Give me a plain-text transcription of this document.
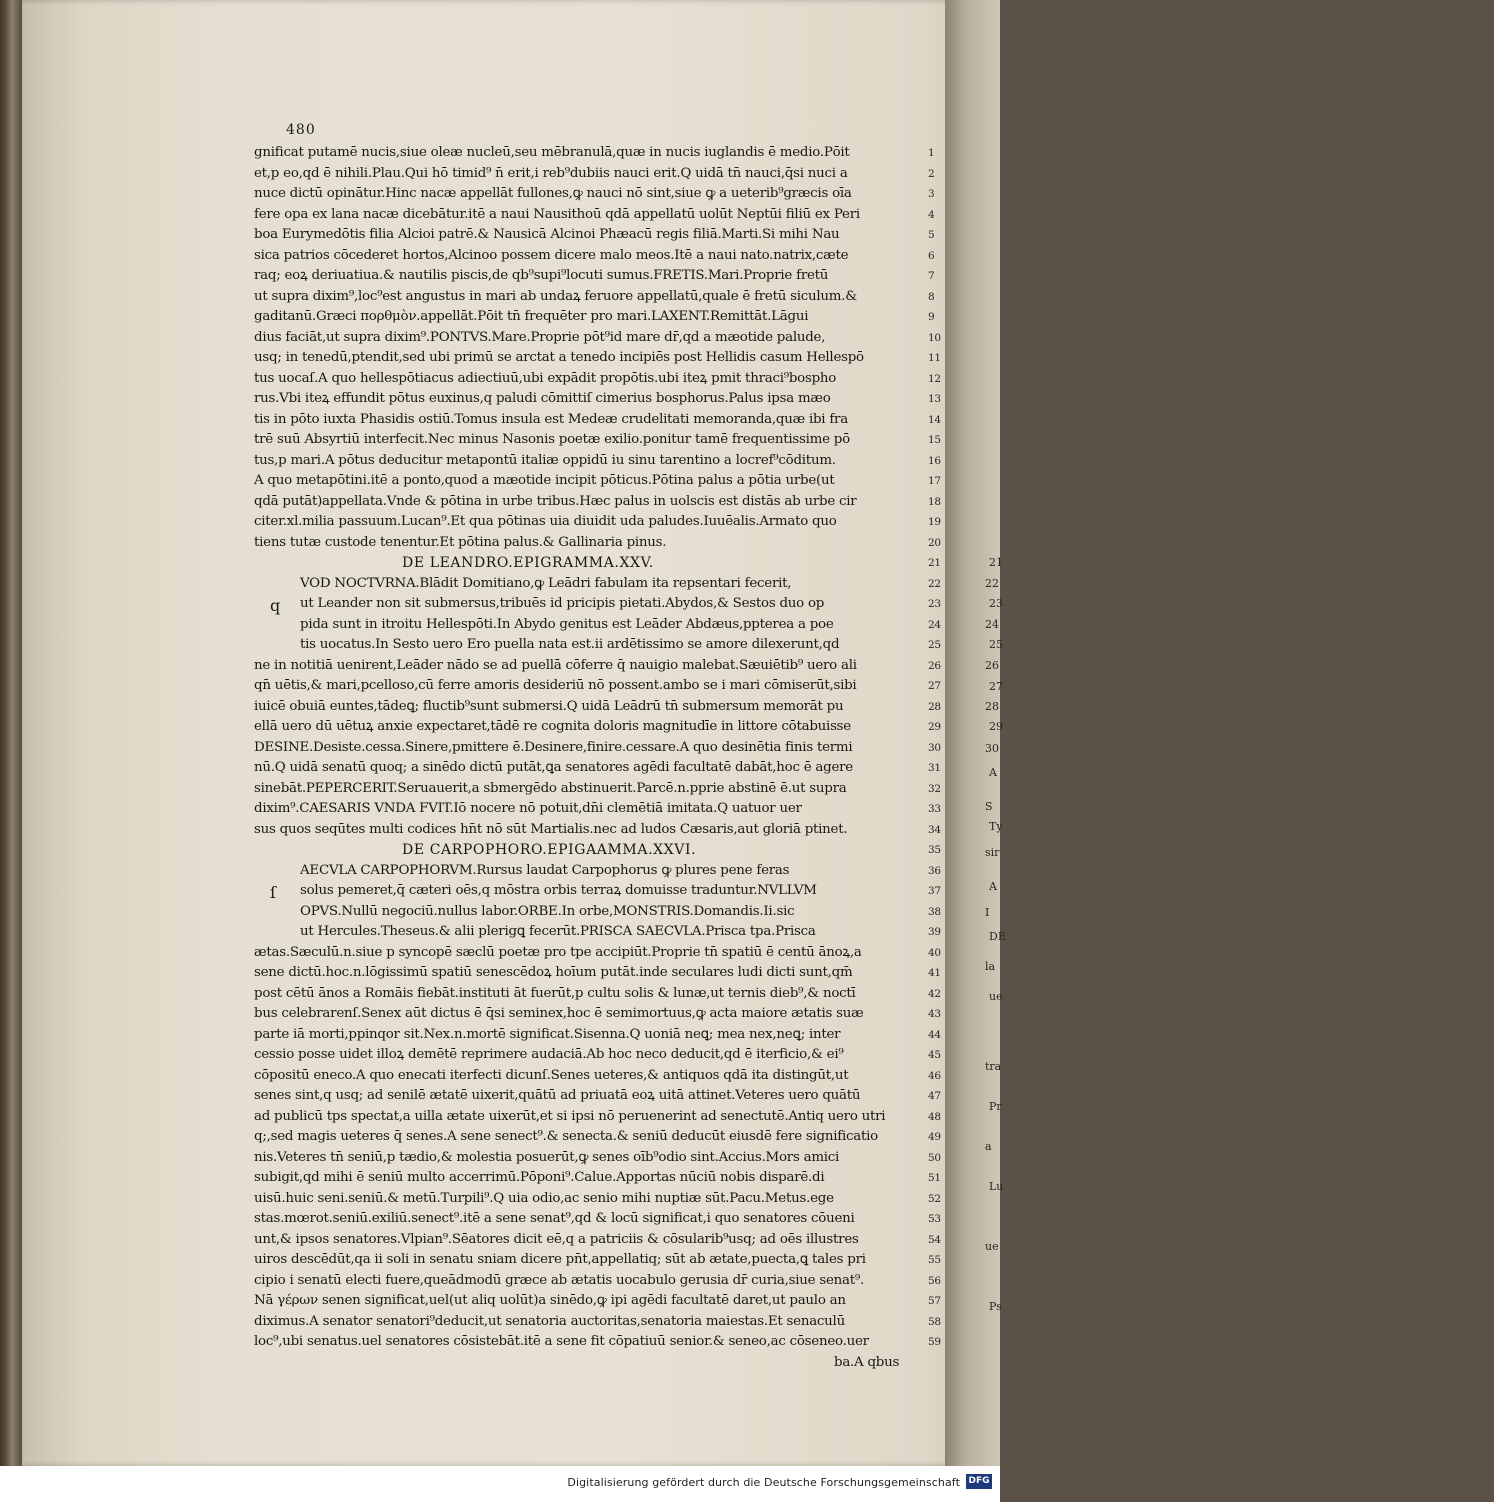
21
22
23
24
25
26
27
28
29
30
A
S
Ty
sir
A
I
DE
la
ue
tra
Pr
a
Lu
ue
Ps
480
gnificat putamē nucis,siue oleæ nucleū,seu mēbranulā,quæ in nucis iuglandis ē medio.Pōit	1
et,p eo,qd ē nihili.Plau.Qui hō timid⁹ n̄ erit,i reb⁹dubiis nauci erit.Q uidā tn̄ nauci,q̄si nuci a	2
nuce dictū opinātur.Hinc nacæ appellāt fullones,ꝙ nauci nō sint,siue ꝙ a ueterib⁹græcis oīa	3
fere opa ex lana nacæ dicebātur.itē a naui Nausithoū qdā appellatū uolūt Neptūi filiū ex Peri	4
boa Eurymedōtis filia Alcioi patrē.& Nausicā Alcinoi Phæacū regis filiā.Marti.Si mihi Nau	5
sica patrios cōcederet hortos,Alcinoo possem dicere malo meos.Itē a naui nato.natrix,cæte	6
raq; eoꝝ deriuatiua.& nautilis piscis,de qb⁹supi⁹locuti sumus.FRETIS.Mari.Proprie fretū	7
ut supra dixim⁹,loc⁹est angustus in mari ab undaꝝ feruore appellatū,quale ē fretū siculum.&	8
gaditanū.Græci πορθμὸν.appellāt.Pōit tn̄ frequēter pro mari.LAXENT.Remittāt.Lāgui	9
dius faciāt,ut supra dixim⁹.PONTVS.Mare.Proprie pōt⁹id mare dr̄,qd a mæotide palude,	10
usq; in tenedū,ptendit,sed ubi primū se arctat a tenedo incipiēs post Hellidis casum Hellespō	11
tus uocaſ.A quo hellespōtiacus adiectiuū,ubi expādit propōtis.ubi iteꝝ pmit thraci⁹bospho	12
rus.Vbi iteꝝ effundit pōtus euxinus,q paludi cōmittiſ cimerius bosphorus.Palus ipsa mæo	13
tis in pōto iuxta Phasidis ostiū.Tomus insula est Medeæ crudelitati memoranda,quæ ibi fra	14
trē suū Absyrtiū interfecit.Nec minus Nasonis poetæ exilio.ponitur tamē frequentissime pō	15
tus,p mari.A pōtus deducitur metapontū italiæ oppidū iu sinu tarentino a locref⁹cōditum.	16
A quo metapōtini.itē a ponto,quod a mæotide incipit pōticus.Pōtina palus a pōtia urbe(ut	17
qdā putāt)appellata.Vnde & pōtina in urbe tribus.Hæc palus in uolscis est distās ab urbe cir	18
citer.xl.milia passuum.Lucan⁹.Et qua pōtinas uia diuidit uda paludes.Iuuēalis.Armato quo	19
tiens tutæ custode tenentur.Et pōtina palus.& Gallinaria pinus.	20
DE LEANDRO.EPIGRAMMA.XXV.	21
VOD NOCTVRNA.Blādit Domitiano,ꝙ Leādri fabulam ita repsentari fecerit,	22
q	ut Leander non sit submersus,tribuēs id pricipis pietati.Abydos,& Sestos duo op	23
pida sunt in itroitu Hellespōti.In Abydo genitus est Leāder Abdæus,ppterea a poe	24
tis uocatus.In Sesto uero Ero puella nata est.ii ardētissimo se amore dilexerunt,qd	25
ne in notitiā uenirent,Leāder nādo se ad puellā cōferre q̄ nauigio malebat.Sæuiētib⁹ uero ali	26
qn̄ uētis,& mari,pcelloso,cū ferre amoris desideriū nō possent.ambo se i mari cōmiserūt,sibi	27
iuicē obuiā euntes,tādeꝗ; fluctib⁹sunt submersi.Q uidā Leādrū tn̄ submersum memorāt pu	28
ellā uero dū uētuꝝ anxie expectaret,tādē re cognita doloris magnitudīe in littore cōtabuisse	29
DESINE.Desiste.cessa.Sinere,pmittere ē.Desinere,finire.cessare.A quo desinētia finis termi	30
nū.Q uidā senatū quoq; a sinēdo dictū putāt,ꝗa senatores agēdi facultatē dabāt,hoc ē agere	31
sinebāt.PEPERCERIT.Seruauerit,a sbmergēdo abstinuerit.Parcē.n.pprie abstinē ē.ut supra	32
dixim⁹.CAESARIS VNDA FVIT.Iō nocere nō potuit,dn̄i clemētiā imitata.Q uatuor uer	33
sus quos seqūtes multi codices hn̄t nō sūt Martialis.nec ad ludos Cæsaris,aut gloriā ptinet.	34
DE CARPOPHORO.EPIGAAMMA.XXVI.	35
AECVLA CARPOPHORVM.Rursus laudat Carpophorus ꝙ plures pene feras	36
ſ	solus pemeret,q̄ cæteri oēs,q mōstra orbis terraꝝ domuisse traduntur.NVLLVM	37
OPVS.Nullū negociū.nullus labor.ORBE.In orbe,MONSTRIS.Domandis.Ii.sic	38
ut Hercules.Theseus.& alii plerigꝗ fecerūt.PRISCA SAECVLA.Prisca tpa.Prisca	39
ætas.Sæculū.n.siue p syncopē sæclū poetæ pro tpe accipiūt.Proprie tn̄ spatiū ē centū ānoꝝ,a	40
sene dictū.hoc.n.lōgissimū spatiū senescēdoꝝ hoīum putāt.inde seculares ludi dicti sunt,qm̄	41
post cētū ānos a Romāis fiebāt.instituti āt fuerūt,p cultu solis & lunæ,ut ternis dieb⁹,& noctī	42
bus celebrarenſ.Senex aūt dictus ē q̄si seminex,hoc ē semimortuus,ꝙ acta maiore ætatis suæ	43
parte iā morti,ppinqor sit.Nex.n.mortē significat.Sisenna.Q uoniā neꝗ; mea nex,neꝗ; inter	44
cessio posse uidet illoꝝ demētē reprimere audaciā.Ab hoc neco deducit,qd ē iterficio,& ei⁹	45
cōpositū eneco.A quo enecati iterfecti dicunſ.Senes ueteres,& antiquos qdā ita distingūt,ut	46
senes sint,q usq; ad senilē ætatē uixerit,quātū ad priuatā eoꝝ uitā attinet.Veteres uero quātū	47
ad publicū tps spectat,a uilla ætate uixerūt,et si ipsi nō peruenerint ad senectutē.Antiq uero utri	48
q;,sed magis ueteres q̄ senes.A sene senect⁹.& senecta.& seniū deducūt eiusdē fere significatio	49
nis.Veteres tn̄ seniū,p tædio,& molestia posuerūt,ꝙ senes oīb⁹odio sint.Accius.Mors amici	50
subigit,qd mihi ē seniū multo accerrimū.Pōponi⁹.Calue.Apportas nūciū nobis disparē.di	51
uisū.huic seni.seniū.& metū.Turpili⁹.Q uia odio,ac senio mihi nuptiæ sūt.Pacu.Metus.ege	52
stas.mœrot.seniū.exiliū.senect⁹.itē a sene senat⁹,qd & locū significat,i quo senatores cōueni	53
unt,& ipsos senatores.Vlpian⁹.Sēatores dicit eē,q a patriciis & cōsularib⁹usq; ad oēs illustres	54
uiros descēdūt,qa ii soli in senatu sniam dicere pn̄t,appellatiq; sūt ab ætate,puecta,ꝗ tales pri	55
cipio i senatū electi fuere,queādmodū græce ab ætatis uocabulo gerusia dr̄ curia,siue senat⁹.	56
Nā γέρων senen significat,uel(ut aliq uolūt)a sinēdo,ꝙ ipi agēdi facultatē daret,ut paulo an	57
diximus.A senator senatori⁹deducit,ut senatoria auctoritas,senatoria maiestas.Et senaculū	58
loc⁹,ubi senatus.uel senatores cōsistebāt.itē a sene fit cōpatiuū senior.& seneo,ac cōseneo.uer	59
ba.A qbus
Digitalisierung gefördert durch die Deutsche Forschungsgemeinschaft DFG
